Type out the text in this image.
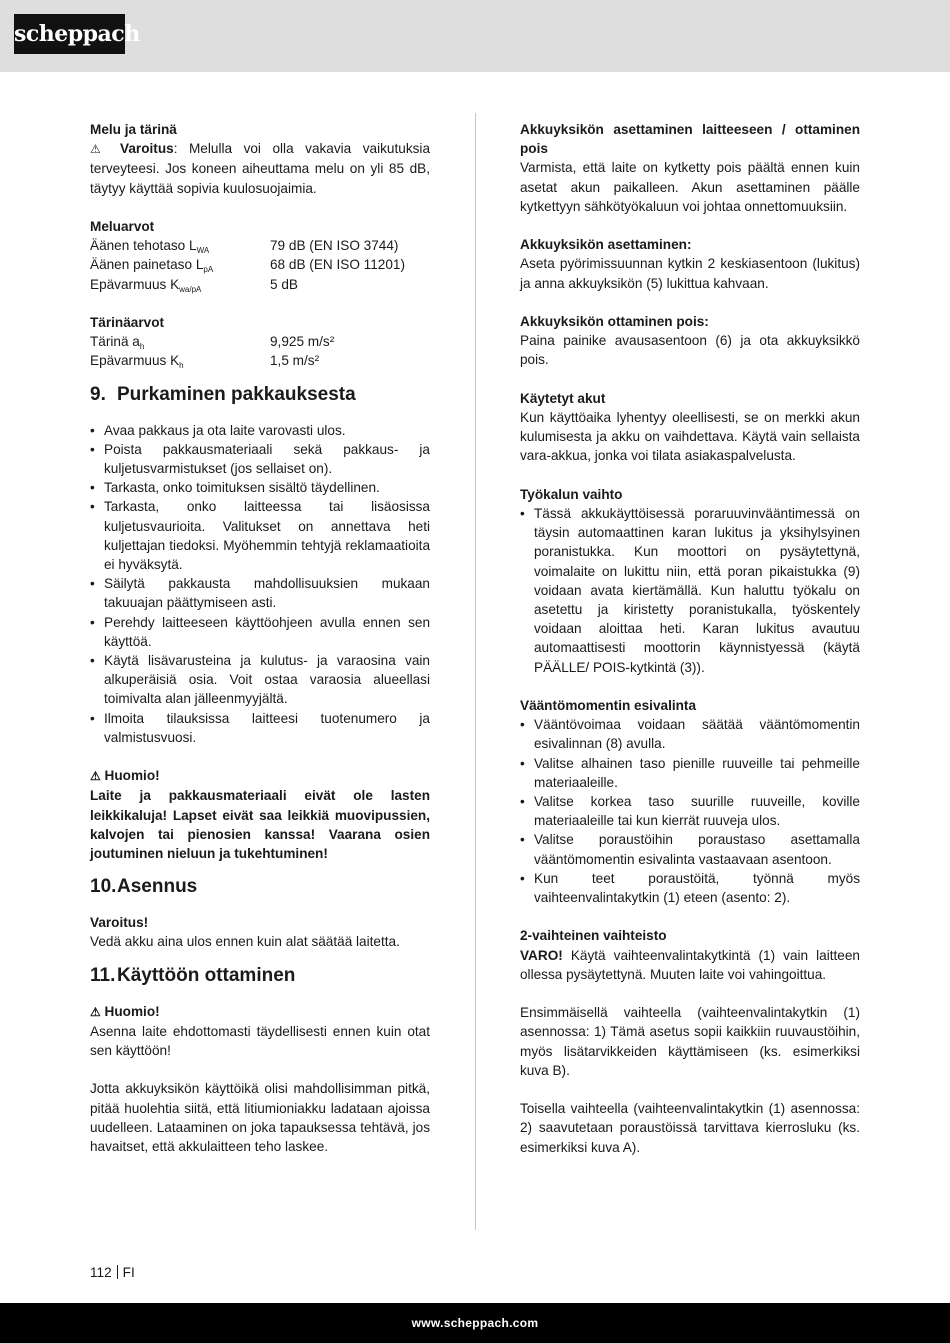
scheppach

Melu ja tärinä

⚠ Varoitus: Melulla voi olla vakavia vaikutuksia terveyteesi. Jos koneen aiheuttama melu on yli 85 dB, täytyy käyttää sopivia kuulosuojaimia.

Meluarvot

Äänen tehotaso $L_{WA}$	79 dB (EN ISO 3744)
Äänen painetaso $L_{pA}$	68 dB (EN ISO 11201)
Epävarmuus $K_{wa/pA}$	5 dB

Tärinäarvot

Tärinä $a_h$	9,925 m/s²
Epävarmuus $K_h$	1,5 m/s²
9. Purkaminen pakkauksesta
• Avaa pakkaus ja ota laite varovasti ulos.
• Poista pakkausmateriaali sekä pakkaus- ja kuljetusvarmistukset (jos sellaiset on).
• Tarkasta, onko toimituksen sisältö täydellinen.
• Tarkasta, onko laitteessa tai lisäosissa kuljetusvaurioita. Valitukset on annettava heti kuljettajan tiedoksi. Myöhemmin tehtyjä reklamaatioita ei hyväksytä.
• Säilytä pakkausta mahdollisuuksien mukaan takuuajan päättymiseen asti.
• Perehdy laitteeseen käyttöohjeen avulla ennen sen käyttöä.
• Käytä lisävarusteina ja kulutus- ja varaosina vain alkuperäisiä osia. Voit ostaa varaosia alueellasi toimivalta alan jälleenmyyjältä.
• Ilmoita tilauksissa laitteesi tuotenumero ja valmistusvuosi.

⚠ Huomio!

Laite ja pakkausmateriaali eivät ole lasten leikkikaluja! Lapset eivät saa leikkiä muovipussien, kalvojen tai pienosien kanssa! Vaarana osien joutuminen nieluun ja tukehtuminen!

10.Asennus

Varoitus!

Vedä akku aina ulos ennen kuin alat säätää laitetta.

11.Käyttöön ottaminen

⚠ Huomio!

Asenna laite ehdottomasti täydellisesti ennen kuin otat sen käyttöön!

Jotta akkuyksikön käyttöikä olisi mahdollisimman pitkä, pitää huolehtia siitä, että litiumioniakku ladataan ajoissa uudelleen. Lataaminen on joka tapauksessa tehtävä, jos havaitset, että akkulaitteen teho laskee.

Akkuyksikön asettaminen laitteeseen / ottaminen pois

Varmista, että laite on kytketty pois päältä ennen kuin asetat akun paikalleen. Akun asettaminen päälle kytkettyyn sähkötyökaluun voi johtaa onnettomuuksiin.

Akkuyksikön asettaminen:

Aseta pyörimissuunnan kytkin 2 keskiasentoon (lukitus) ja anna akkuyksikön (5) lukittua kahvaan.

Akkuyksikön ottaminen pois:

Paina painike avausasentoon (6) ja ota akkuyksikkö pois.

Käytetyt akut

Kun käyttöaika lyhentyy oleellisesti, se on merkki akun kulumisesta ja akku on vaihdettava. Käytä vain sellaista vara-akkua, jonka voi tilata asiakaspalvelusta.

Työkalun vaihto

• Tässä akkukäyttöisessä poraruuvinvääntimessä on täysin automaattinen karan lukitus ja yksihylsyinen poranistukka. Kun moottori on pysäytettynä, voimalaite on lukittu niin, että poran pikaistukka (9) voidaan avata kiertämällä. Kun haluttu työkalu on asetettu ja kiristetty poranistukalla, työskentely voidaan aloittaa heti. Karan lukitus avautuu automaattisesti moottorin käynnistyessä (käytä PÄÄLLE/ POIS-kytkintä (3)).

Vääntömomentin esivalinta

• Vääntövoimaa voidaan säätää vääntömomentin esivalinnan (8) avulla.
• Valitse alhainen taso pienille ruuveille tai pehmeille materiaaleille.
• Valitse korkea taso suurille ruuveille, koville materiaaleille tai kun kierrät ruuveja ulos.
• Valitse poraustöihin poraustaso asettamalla vääntömomentin esivalinta vastaavaan asentoon.
• Kun teet poraustöitä, työnnä myös vaihteenvalintakytkin (1) eteen (asento: 2).

2-vaihteinen vaihteisto

VARO! Käytä vaihteenvalintakytkintä (1) vain laitteen ollessa pysäytettynä. Muuten laite voi vahingoittua.

Ensimmäisellä vaihteella (vaihteenvalintakytkin (1) asennossa: 1) Tämä asetus sopii kaikkiin ruuvaustöihin, myös lisätarvikkeiden käyttämiseen (ks. esimerkiksi kuva B).

Toisella vaihteella (vaihteenvalintakytkin (1) asennossa: 2) saavutetaan poraustöissä tarvittava kierrosluku (ks. esimerkiksi kuva A).

112 FI
www.scheppach.com
